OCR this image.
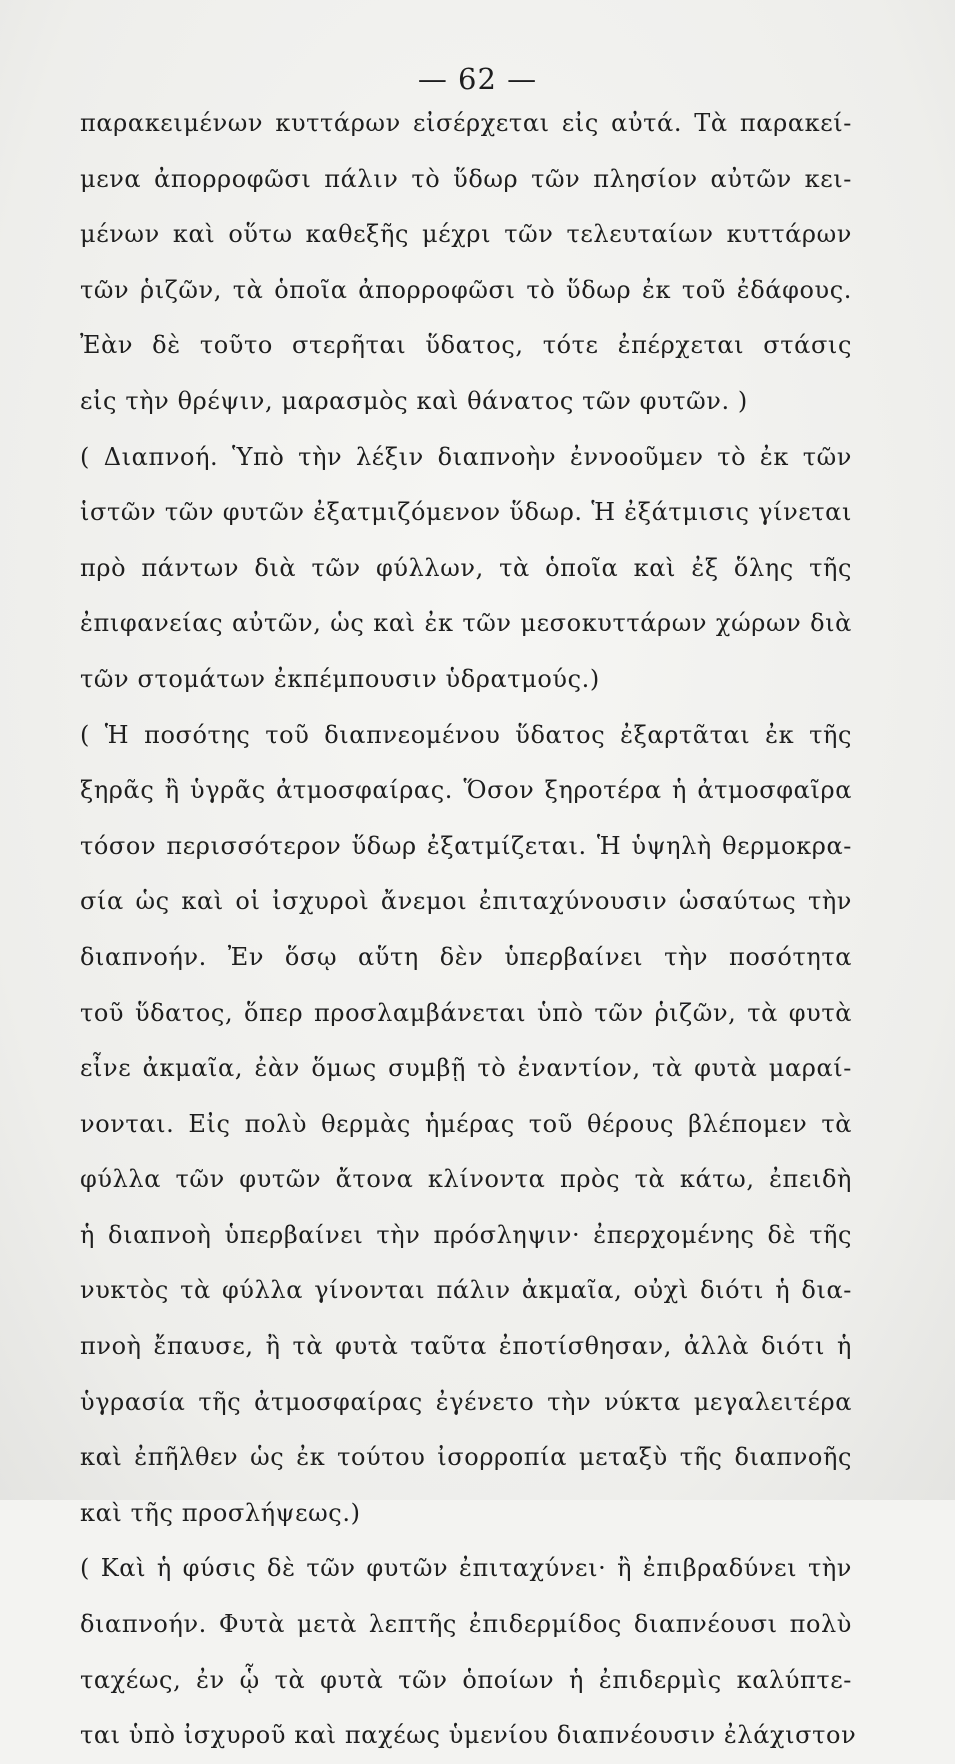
— 62 —
παρακειμένων κυττάρων εἰσέρχεται εἰς αὐτά. Τὰ παρακεί-
μενα ἀπορροφῶσι πάλιν τὸ ὕδωρ τῶν πλησίον αὐτῶν κει-
μένων καὶ οὕτω καθεξῆς μέχρι τῶν τελευταίων κυττάρων
τῶν ῥιζῶν, τὰ ὁποῖα ἀπορροφῶσι τὸ ὕδωρ ἐκ τοῦ ἐδάφους.
Ἐὰν δὲ τοῦτο στερῆται ὕδατος, τότε ἐπέρχεται στάσις
εἰς τὴν θρέψιν, μαρασμὸς καὶ θάνατος τῶν φυτῶν. )
( Διαπνοή. Ὑπὸ τὴν λέξιν διαπνοὴν ἐννοοῦμεν τὸ ἐκ τῶν
ἱστῶν τῶν φυτῶν ἐξατμιζόμενον ὕδωρ. Ἡ ἐξάτμισις γίνεται
πρὸ πάντων διὰ τῶν φύλλων, τὰ ὁποῖα καὶ ἐξ ὅλης τῆς
ἐπιφανείας αὐτῶν, ὡς καὶ ἐκ τῶν μεσοκυττάρων χώρων διὰ
τῶν στομάτων ἐκπέμπουσιν ὑδρατμούς.)
( Ἡ ποσότης τοῦ διαπνεομένου ὕδατος ἐξαρτᾶται ἐκ τῆς
ξηρᾶς ἢ ὑγρᾶς ἀτμοσφαίρας. Ὅσον ξηροτέρα ἡ ἀτμοσφαῖρα
τόσον περισσότερον ὕδωρ ἐξατμίζεται. Ἡ ὑψηλὴ θερμοκρα-
σία ὡς καὶ οἱ ἰσχυροὶ ἄνεμοι ἐπιταχύνουσιν ὡσαύτως τὴν
διαπνοήν. Ἐν ὅσῳ αὕτη δὲν ὑπερβαίνει τὴν ποσότητα
τοῦ ὕδατος, ὅπερ προσλαμβάνεται ὑπὸ τῶν ῥιζῶν, τὰ φυτὰ
εἶνε ἀκμαῖα, ἐὰν ὅμως συμβῇ τὸ ἐναντίον, τὰ φυτὰ μαραί-
νονται. Εἰς πολὺ θερμὰς ἡμέρας τοῦ θέρους βλέπομεν τὰ
φύλλα τῶν φυτῶν ἄτονα κλίνοντα πρὸς τὰ κάτω, ἐπειδὴ
ἡ διαπνοὴ ὑπερβαίνει τὴν πρόσληψιν· ἐπερχομένης δὲ τῆς
νυκτὸς τὰ φύλλα γίνονται πάλιν ἀκμαῖα, οὐχὶ διότι ἡ δια-
πνοὴ ἔπαυσε, ἢ τὰ φυτὰ ταῦτα ἐποτίσθησαν, ἀλλὰ διότι ἡ
ὑγρασία τῆς ἀτμοσφαίρας ἐγένετο τὴν νύκτα μεγαλειτέρα
καὶ ἐπῆλθεν ὡς ἐκ τούτου ἰσορροπία μεταξὺ τῆς διαπνοῆς
καὶ τῆς προσλήψεως.)
( Καὶ ἡ φύσις δὲ τῶν φυτῶν ἐπιταχύνει· ἢ ἐπιβραδύνει τὴν
διαπνοήν. Φυτὰ μετὰ λεπτῆς ἐπιδερμίδος διαπνέουσι πολὺ
ταχέως, ἐν ᾧ τὰ φυτὰ τῶν ὁποίων ἡ ἐπιδερμὶς καλύπτε-
ται ὑπὸ ἰσχυροῦ καὶ παχέως ὑμενίου διαπνέουσιν ἐλάχιστον
